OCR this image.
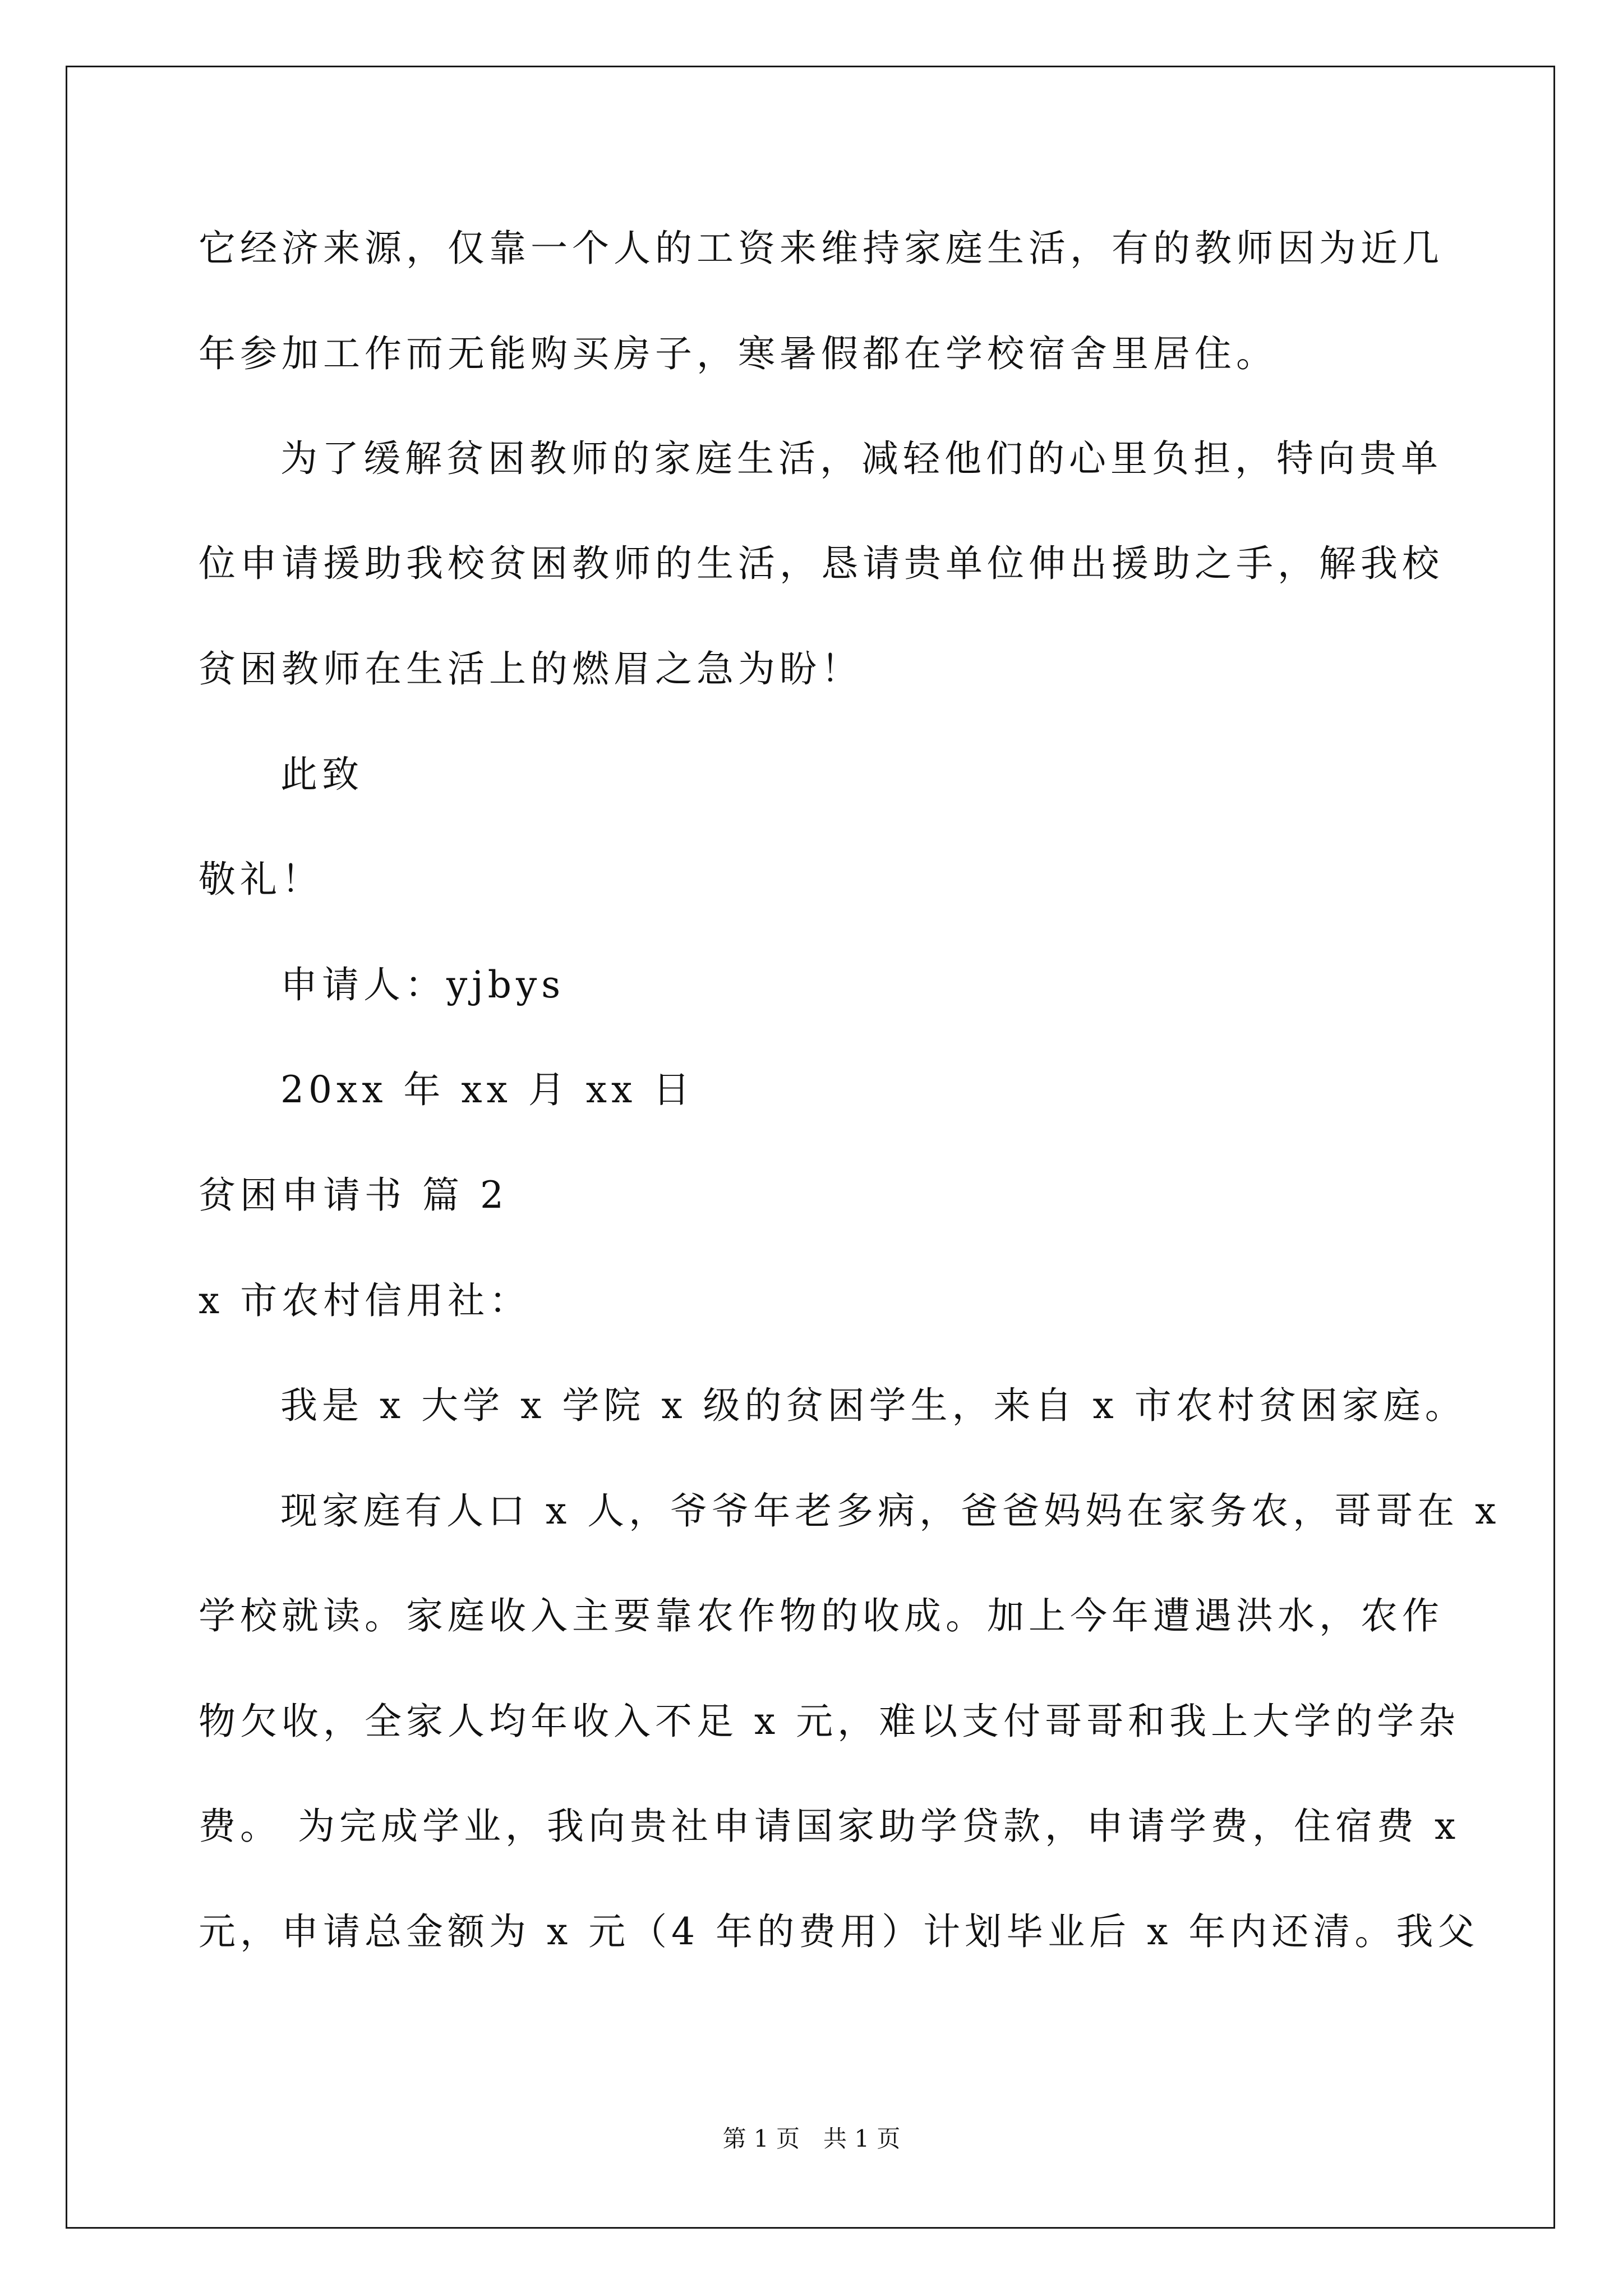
它经济来源，仅靠一个人的工资来维持家庭生活，有的教师因为近几
年参加工作而无能购买房子，寒暑假都在学校宿舍里居住。
为了缓解贫困教师的家庭生活，减轻他们的心里负担，特向贵单
位申请援助我校贫困教师的生活，恳请贵单位伸出援助之手，解我校
贫困教师在生活上的燃眉之急为盼！
此致
敬礼！
申请人：yjbys
20xx 年 xx 月 xx 日
贫困申请书 篇 2
x 市农村信用社：
我是 x 大学 x 学院 x 级的贫困学生，来自 x 市农村贫困家庭。
现家庭有人口 x 人，爷爷年老多病，爸爸妈妈在家务农，哥哥在 x
学校就读。家庭收入主要靠农作物的收成。加上今年遭遇洪水，农作
物欠收，全家人均年收入不足 x 元，难以支付哥哥和我上大学的学杂
费。 为完成学业，我向贵社申请国家助学贷款，申请学费，住宿费 x
元，申请总金额为 x 元（4 年的费用）计划毕业后 x 年内还清。我父
第 1 页　共 1 页
